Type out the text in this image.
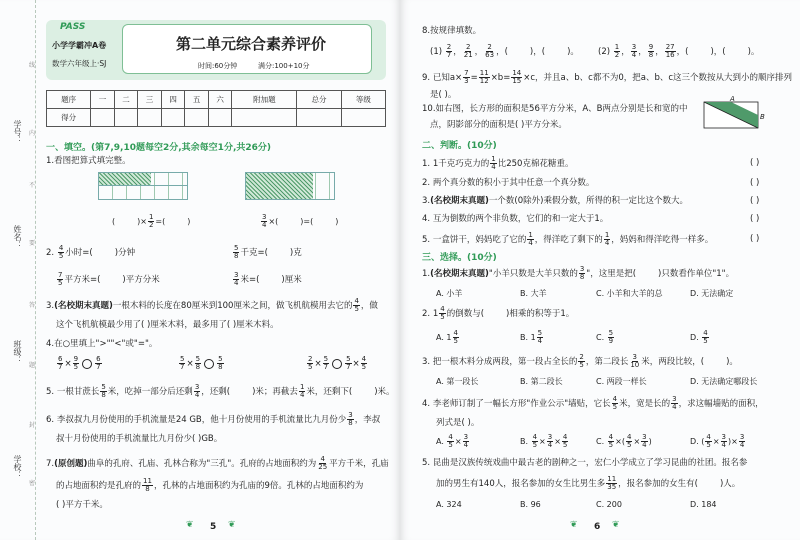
学校：
班级：
姓名：
学号：
线
内
不
要
答
题
封
密
PASS
小学学霸冲A卷
数学六年级上·SJ
第二单元综合素养评价
时间:60分钟	满分:100+10分
题序	一	二	三	四	五	六	附加题	总分	等级
得分									
一、填空。(第7,9,10题每空2分,其余每空1分,共26分)
1.看图把算式填完整。
(	)× $\frac{1}{2}$ =(	)	$\frac{3}{4}$ ×(	)=(	)
2. $\frac{4}{5}$ 小时=(	)分钟	$\frac{5}{8}$ 千克=(	)克
$\frac{7}{5}$ 平方米=(	)平方分米	$\frac{3}{4}$ 米=(	)厘米
3.(名校期末真题)一根木料的长度在80厘米到100厘米之间，做飞机航模用去它的 $\frac{4}{5}$ ，做
这个飞机航模最少用了( )厘米木料，最多用了( )厘米木料。
4.在○里填上">""<"或"="。
$\frac{6}{7} \times \frac{9}{5} \frac{6}{7}$	$\frac{5}{7} \times \frac{5}{8} \frac{5}{8}$	$\frac{2}{5} \times \frac{5}{7} \frac{5}{7} \times \frac{4}{5}$
5. 一根甘蔗长 $\frac{5}{8}$ 米，吃掉一部分后还剩 $\frac{3}{4}$ ，还剩(	)米；再截去 $\frac{1}{4}$ 米，还剩下(	)米。
6. 李叔叔九月份使用的手机流量是24 GB，他十月份使用的手机流量比九月份少 $\frac{3}{8}$ ，李叔
叔十月份使用的手机流量比九月份少( )GB。
7.(原创题)曲阜的孔府、孔庙、孔林合称为"三孔"。孔府的占地面积约为 $\frac{4}{25}$ 平方千米，孔庙
的占地面积约是孔府的 $\frac{11}{8}$ ，孔林的占地面积约为孔庙的9倍。孔林的占地面积约为
( )平方千米。
5
❦	❦
8.按规律填数。
$(1) \frac{2}{7}$ ， $\frac{2}{21}$ ， $\frac{2}{63}$ ，(	)，(	)。 $(2) \frac{1}{2}$ ， $\frac{3}{4}$ ， $\frac{9}{8}$ ， $\frac{27}{16}$ ，(	)，(	)。
9. 已知$a\times \frac{7}{3} = \frac{11}{12} \times b= \frac{14}{15} \times c$，并且a、b、c都不为0，把a、b、c这三个数按从大到小的顺序排列
是( )。
10.如右图，长方形的面积是56平方分米，A、B两点分别是长和宽的中
点，阴影部分的面积是( )平方分米。
A
B
二、判断。(10分)
1. 1千克巧克力的 $\frac{1}{4}$ 比250克棉花糖重。	( )
2. 两个真分数的积小于其中任意一个真分数。	( )
3.(名校期末真题)一个数(0除外)乘假分数，所得的积一定比这个数大。	( )
4. 互为倒数的两个非负数，它们的和一定大于1。	( )
5. 一盒饼干，妈妈吃了它的 $\frac{1}{4}$ ，得洋吃了剩下的 $\frac{1}{4}$ ，妈妈和得洋吃得一样多。	( )
三、选择。(10分)
1.(名校期末真题)"小羊只数是大羊只数的 $\frac{3}{8}$ "，这里是把(	)只数看作单位"1"。
A. 小羊	B. 大羊	C. 小羊和大羊的总	D. 无法确定
2. $1 \frac{4}{5}$ 的倒数与(	)相乘的积等于1。
A. $1 \frac{4}{5}$	B. $1 \frac{5}{4}$	C. $\frac{5}{9}$	D. $\frac{4}{5}$
3. 把一根木料分成两段，第一段占全长的 $\frac{2}{5}$ ，第二段长 $\frac{3}{10}$ 米，两段比较，(	)。
A. 第一段长	B. 第二段长	C. 两段一样长	D. 无法确定哪段长
4. 李老师订制了一幅长方形"作业公示"墙贴，它长 $\frac{4}{5}$ 米，宽是长的 $\frac{3}{4}$ ，求这幅墙贴的面积，
列式是( )。
A. $\frac{4}{5} \times \frac{3}{4}$	B. $\frac{4}{5} \times \frac{3}{4} \times \frac{4}{5}$	C. $\frac{4}{5}$ ×( $\frac{4}{5} \times \frac{3}{4}$ )	D. ( $\frac{4}{5} \times \frac{3}{4}$ )× $\frac{3}{4}$
5. 昆曲是汉族传统戏曲中最古老的剧种之一，宏仁小学成立了学习昆曲的社团。报名参
加的男生有140人，报名参加的女生比男生多 $\frac{11}{35}$ ，报名参加的女生有(	)人。
A. 324	B. 96	C. 200	D. 184
6
❦	❦
